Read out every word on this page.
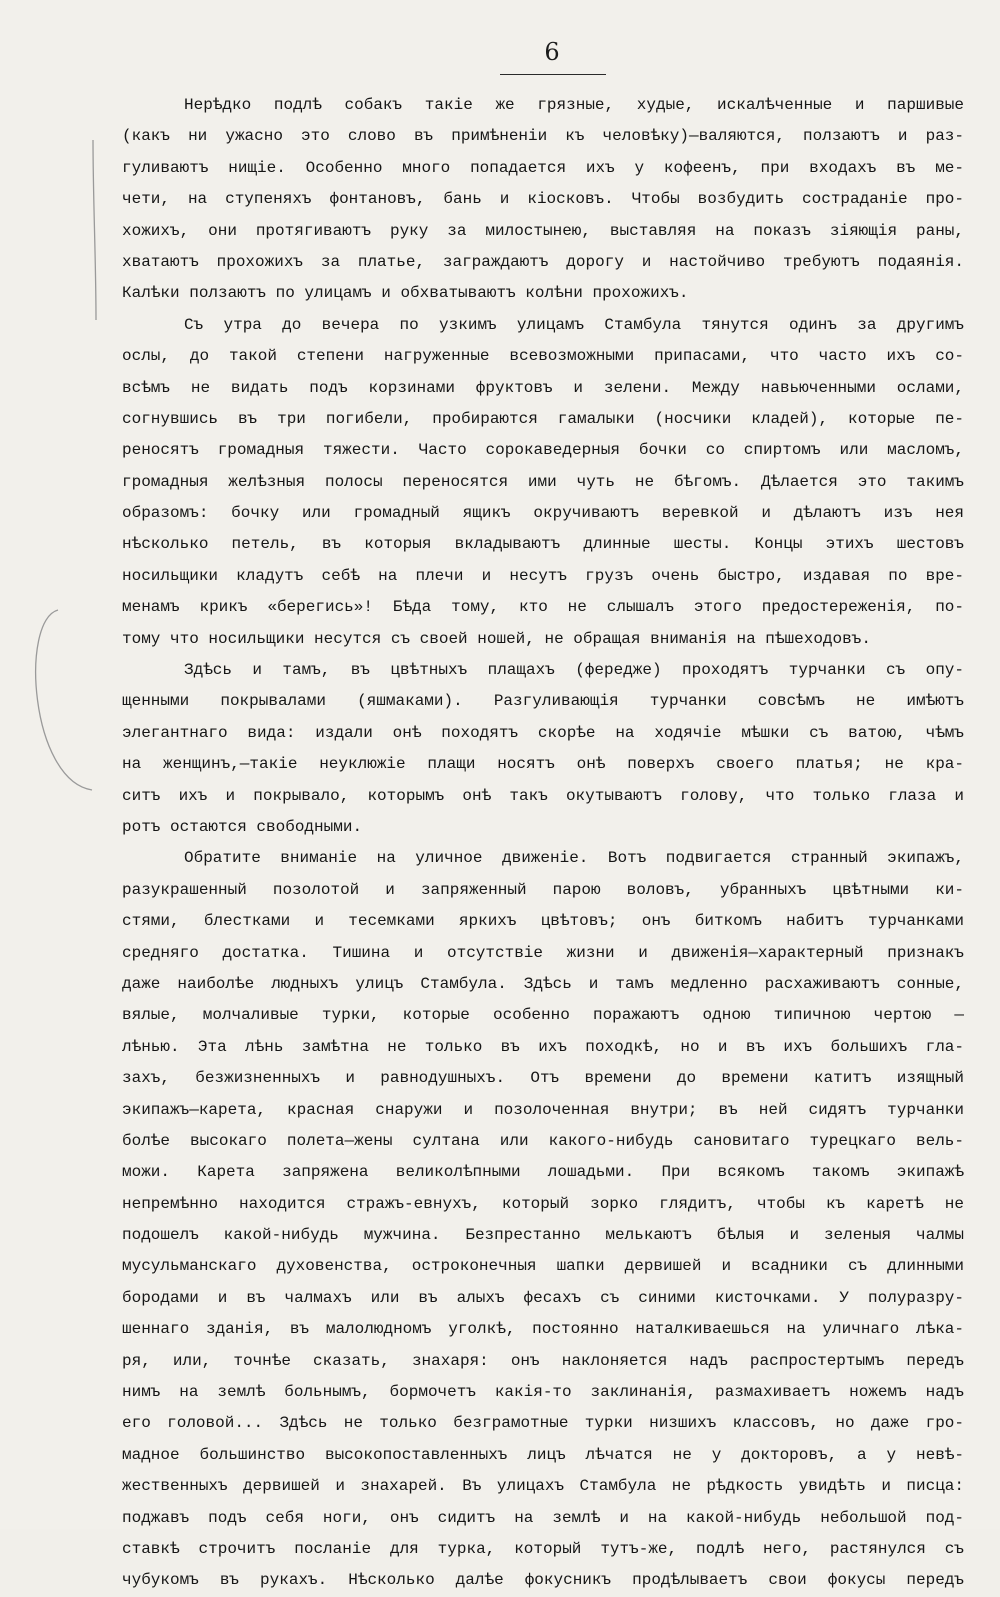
6
Нерѣдко подлѣ собакъ такіе же грязные, худые, искалѣченные и паршивые
(какъ ни ужасно это слово въ примѣненіи къ человѣку)—валяются, ползаютъ и раз-
гуливаютъ нищіе. Особенно много попадается ихъ у кофеенъ, при входахъ въ ме-
чети, на ступеняхъ фонтановъ, бань и кіосковъ. Чтобы возбудить состраданіе про-
хожихъ, они протягиваютъ руку за милостынею, выставляя на показъ зіяющія раны,
хватаютъ прохожихъ за платье, заграждаютъ дорогу и настойчиво требуютъ подаянія.
Калѣки ползаютъ по улицамъ и обхватываютъ колѣни прохожихъ.
Съ утра до вечера по узкимъ улицамъ Стамбула тянутся одинъ за другимъ
ослы, до такой степени нагруженные всевозможными припасами, что часто ихъ со-
всѣмъ не видать подъ корзинами фруктовъ и зелени. Между навьюченными ослами,
согнувшись въ три погибели, пробираются гамалыки (носчики кладей), которые пе-
реносятъ громадныя тяжести. Часто сорокаведерныя бочки со спиртомъ или масломъ,
громадныя желѣзныя полосы переносятся ими чуть не бѣгомъ. Дѣлается это такимъ
образомъ: бочку или громадный ящикъ окручиваютъ веревкой и дѣлаютъ изъ нея
нѣсколько петель, въ которыя вкладываютъ длинные шесты. Концы этихъ шестовъ
носильщики кладутъ себѣ на плечи и несутъ грузъ очень быстро, издавая по вре-
менамъ крикъ «берегись»! Бѣда тому, кто не слышалъ этого предостереженія, по-
тому что носильщики несутся съ своей ношей, не обращая вниманія на пѣшеходовъ.
Здѣсь и тамъ, въ цвѣтныхъ плащахъ (фередже) проходятъ турчанки съ опу-
щенными покрывалами (яшмаками). Разгуливающія турчанки совсѣмъ не имѣютъ
элегантнаго вида: издали онѣ походятъ скорѣе на ходячіе мѣшки съ ватою, чѣмъ
на женщинъ,—такіе неуклюжіе плащи носятъ онѣ поверхъ своего платья; не кра-
ситъ ихъ и покрывало, которымъ онѣ такъ окутываютъ голову, что только глаза и
ротъ остаются свободными.
Обратите вниманіе на уличное движеніе. Вотъ подвигается странный экипажъ,
разукрашенный позолотой и запряженный парою воловъ, убранныхъ цвѣтными ки-
стями, блестками и тесемками яркихъ цвѣтовъ; онъ биткомъ набитъ турчанками
средняго достатка. Тишина и отсутствіе жизни и движенія—характерный признакъ
даже наиболѣе людныхъ улицъ Стамбула. Здѣсь и тамъ медленно расхаживаютъ сонные,
вялые, молчаливые турки, которые особенно поражаютъ одною типичною чертою —
лѣнью. Эта лѣнь замѣтна не только въ ихъ походкѣ, но и въ ихъ большихъ гла-
захъ, безжизненныхъ и равнодушныхъ. Отъ времени до времени катитъ изящный
экипажъ—карета, красная снаружи и позолоченная внутри; въ ней сидятъ турчанки
болѣе высокаго полета—жены султана или какого-нибудь сановитаго турецкаго вель-
можи. Карета запряжена великолѣпными лошадьми. При всякомъ такомъ экипажѣ
непремѣнно находится стражъ-евнухъ, который зорко глядитъ, чтобы къ каретѣ не
подошелъ какой-нибудь мужчина. Безпрестанно мелькаютъ бѣлыя и зеленыя чалмы
мусульманскаго духовенства, остроконечныя шапки дервишей и всадники съ длинными
бородами и въ чалмахъ или въ алыхъ фесахъ съ синими кисточками. У полуразру-
шеннаго зданія, въ малолюдномъ уголкѣ, постоянно наталкиваешься на уличнаго лѣка-
ря, или, точнѣе сказать, знахаря: онъ наклоняется надъ распростертымъ передъ
нимъ на землѣ больнымъ, бормочетъ какія-то заклинанія, размахиваетъ ножемъ надъ
его головой... Здѣсь не только безграмотные турки низшихъ классовъ, но даже гро-
мадное большинство высокопоставленныхъ лицъ лѣчатся не у докторовъ, а у невѣ-
жественныхъ дервишей и знахарей. Въ улицахъ Стамбула не рѣдкость увидѣть и писца:
поджавъ подъ себя ноги, онъ сидитъ на землѣ и на какой-нибудь небольшой под-
ставкѣ строчитъ посланіе для турка, который тутъ-же, подлѣ него, растянулся съ
чубукомъ въ рукахъ. Нѣсколько далѣе фокусникъ продѣлываетъ свои фокусы передъ
